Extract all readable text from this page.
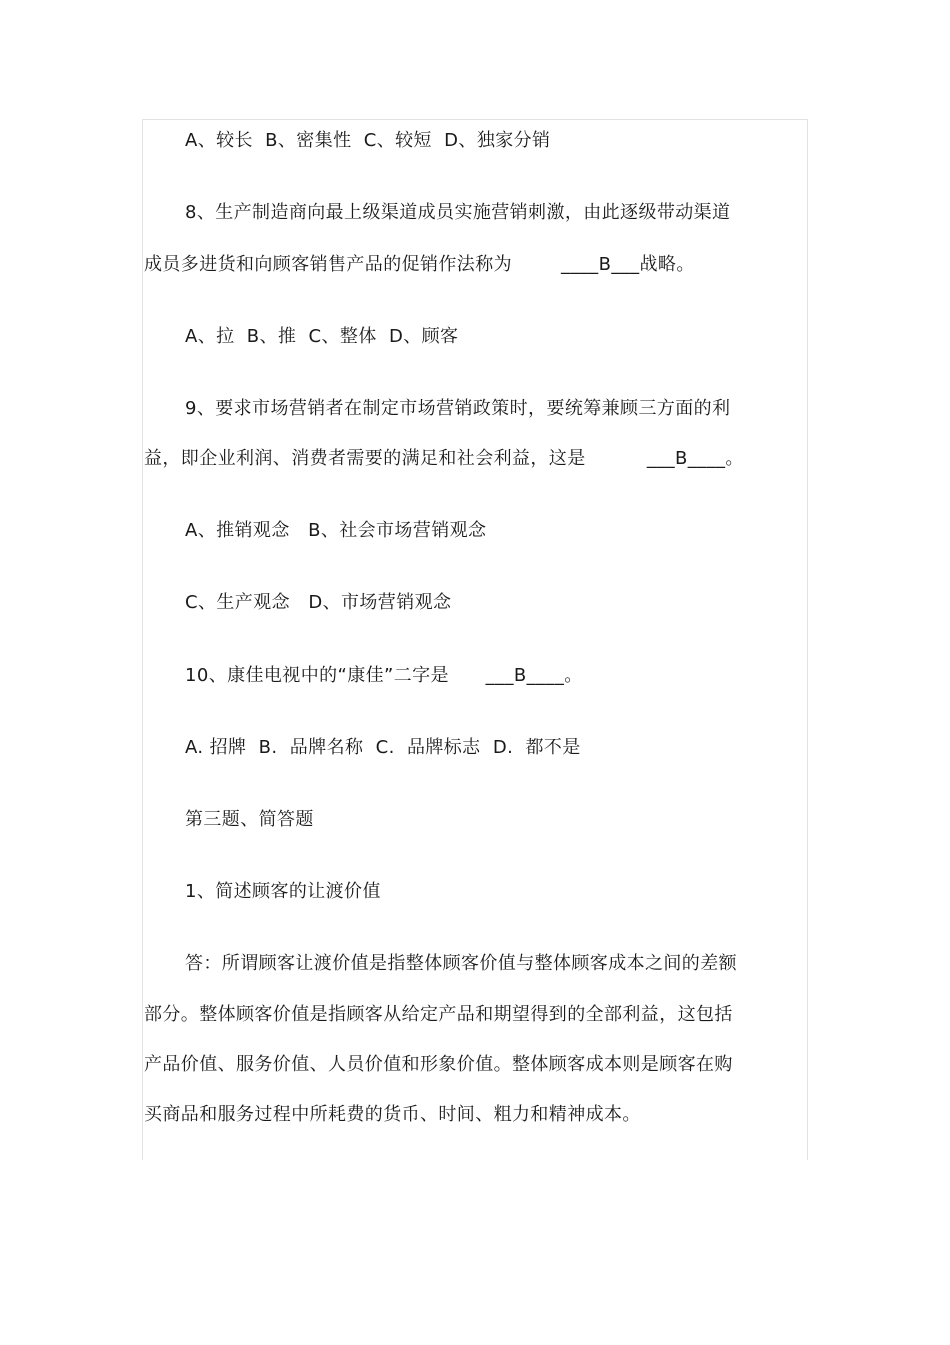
A、较长  B、密集性  C、较短  D、独家分销
8、生产制造商向最上级渠道成员实施营销刺激，由此逐级带动渠道
成员多进货和向顾客销售产品的促销作法称为        ____B___战略。
A、拉  B、推  C、整体  D、顾客
9、要求市场营销者在制定市场营销政策时，要统筹兼顾三方面的利
益，即企业利润、消费者需要的满足和社会利益，这是          ___B____。
A、推销观念   B、社会市场营销观念
C、生产观念   D、市场营销观念
10、康佳电视中的“康佳”二字是      ___B____。
A. 招牌  B.  品牌名称  C.  品牌标志  D.  都不是
第三题、简答题
1、简述顾客的让渡价值
答：所谓顾客让渡价值是指整体顾客价值与整体顾客成本之间的差额
部分。整体顾客价值是指顾客从给定产品和期望得到的全部利益，这包括
产品价值、服务价值、人员价值和形象价值。整体顾客成本则是顾客在购
买商品和服务过程中所耗费的货币、时间、粗力和精神成本。
